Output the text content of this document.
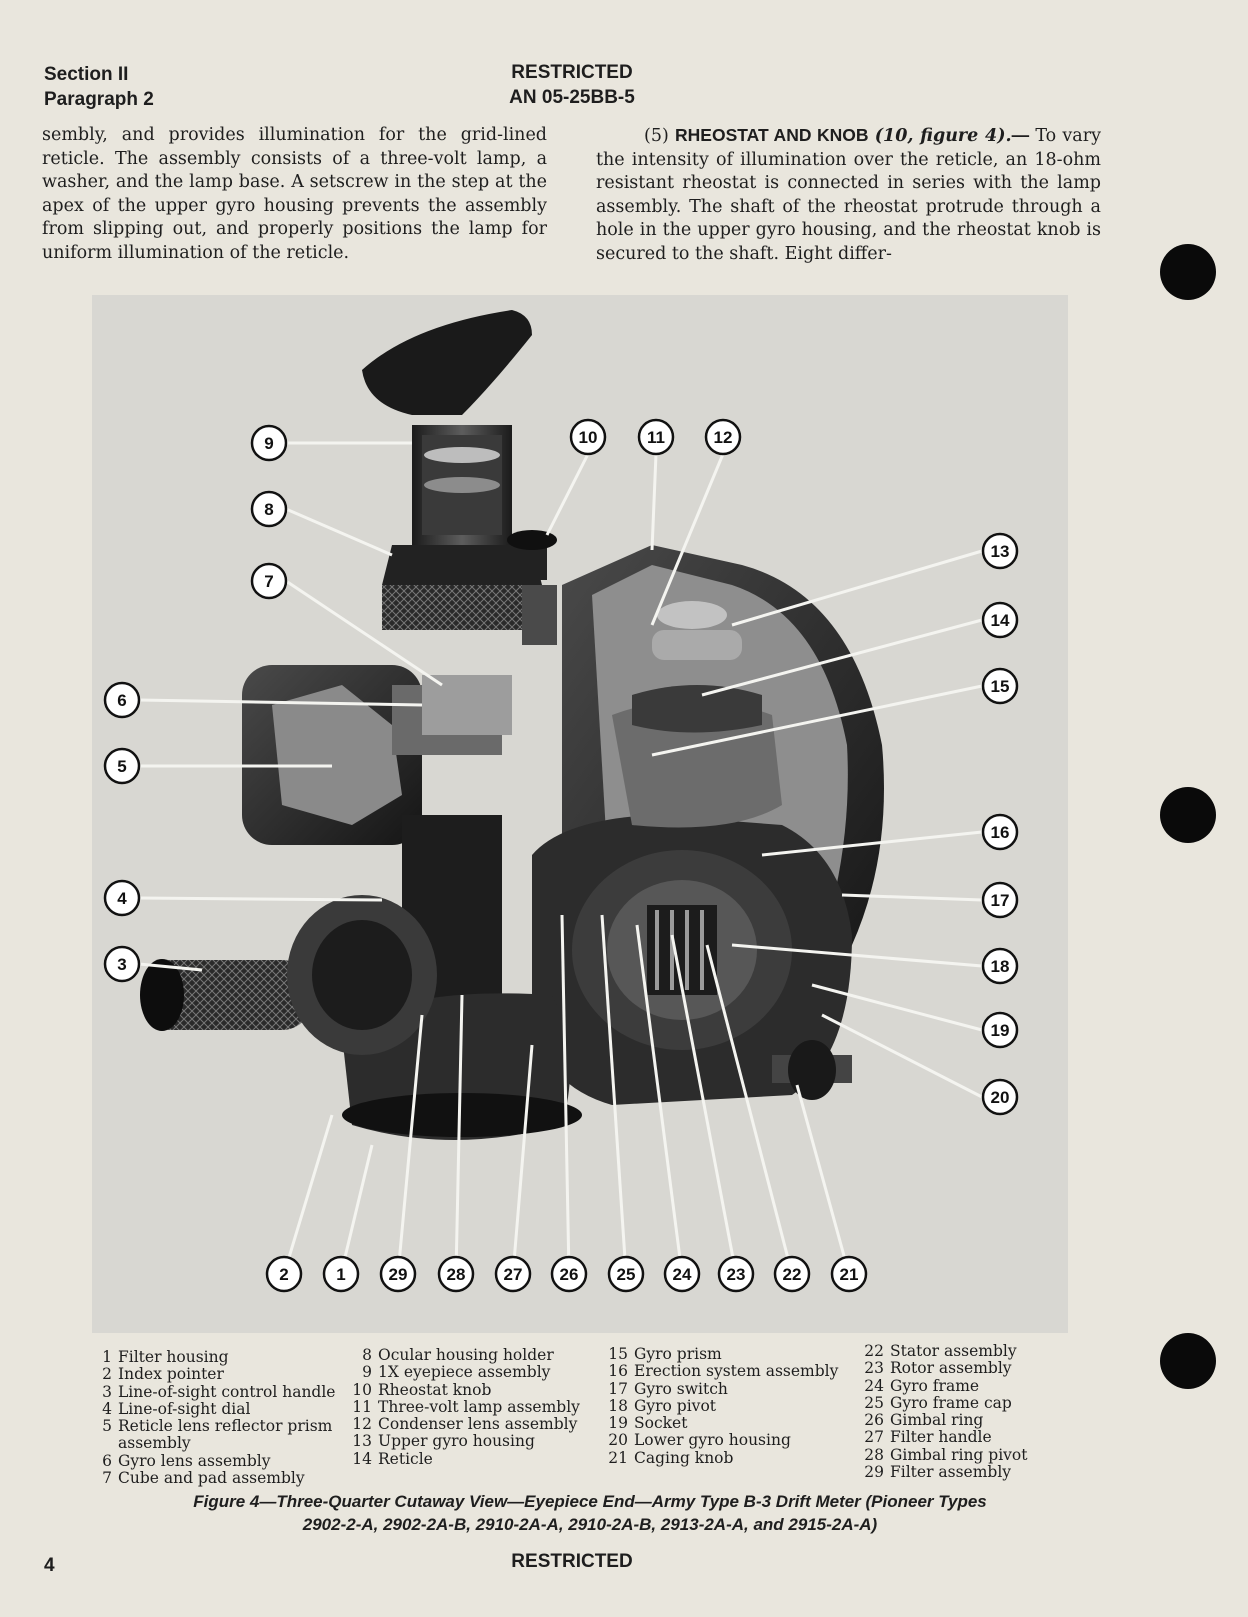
Section II
Paragraph 2
RESTRICTED
AN 05-25BB-5
sembly, and provides illumination for the grid-lined reticle. The assembly consists of a three-volt lamp, a washer, and the lamp base. A setscrew in the step at the apex of the upper gyro housing prevents the assembly from slipping out, and properly positions the lamp for uniform illumination of the reticle.
(5) RHEOSTAT AND KNOB (10, figure 4).— To vary the intensity of illumination over the reticle, an 18-ohm resistant rheostat is connected in series with the lamp assembly. The shaft of the rheostat protrude through a hole in the upper gyro housing, and the rheostat knob is secured to the shaft. Eight differ-
9
8
7
6
5
4
3
10	11	12
13
14
15
16
17
18
19
20
2	1	29 28 27 26 25 24 23 22 21
1 Filter housing
2 Index pointer
3 Line-of-sight control handle
4 Line-of-sight dial
5 Reticle lens reflector prism
assembly
6 Gyro lens assembly
7 Cube and pad assembly
8 Ocular housing holder
9 1X eyepiece assembly
10 Rheostat knob
11 Three-volt lamp assembly
12 Condenser lens assembly
13 Upper gyro housing
14 Reticle
15 Gyro prism
16 Erection system assembly
17 Gyro switch
18 Gyro pivot
19 Socket
20 Lower gyro housing
21 Caging knob
22 Stator assembly
23 Rotor assembly
24 Gyro frame
25 Gyro frame cap
26 Gimbal ring
27 Filter handle
28 Gimbal ring pivot
29 Filter assembly
Figure 4—Three-Quarter Cutaway View—Eyepiece End—Army Type B-3 Drift Meter (Pioneer Types
2902-2-A, 2902-2A-B, 2910-2A-A, 2910-2A-B, 2913-2A-A, and 2915-2A-A)
4	RESTRICTED
